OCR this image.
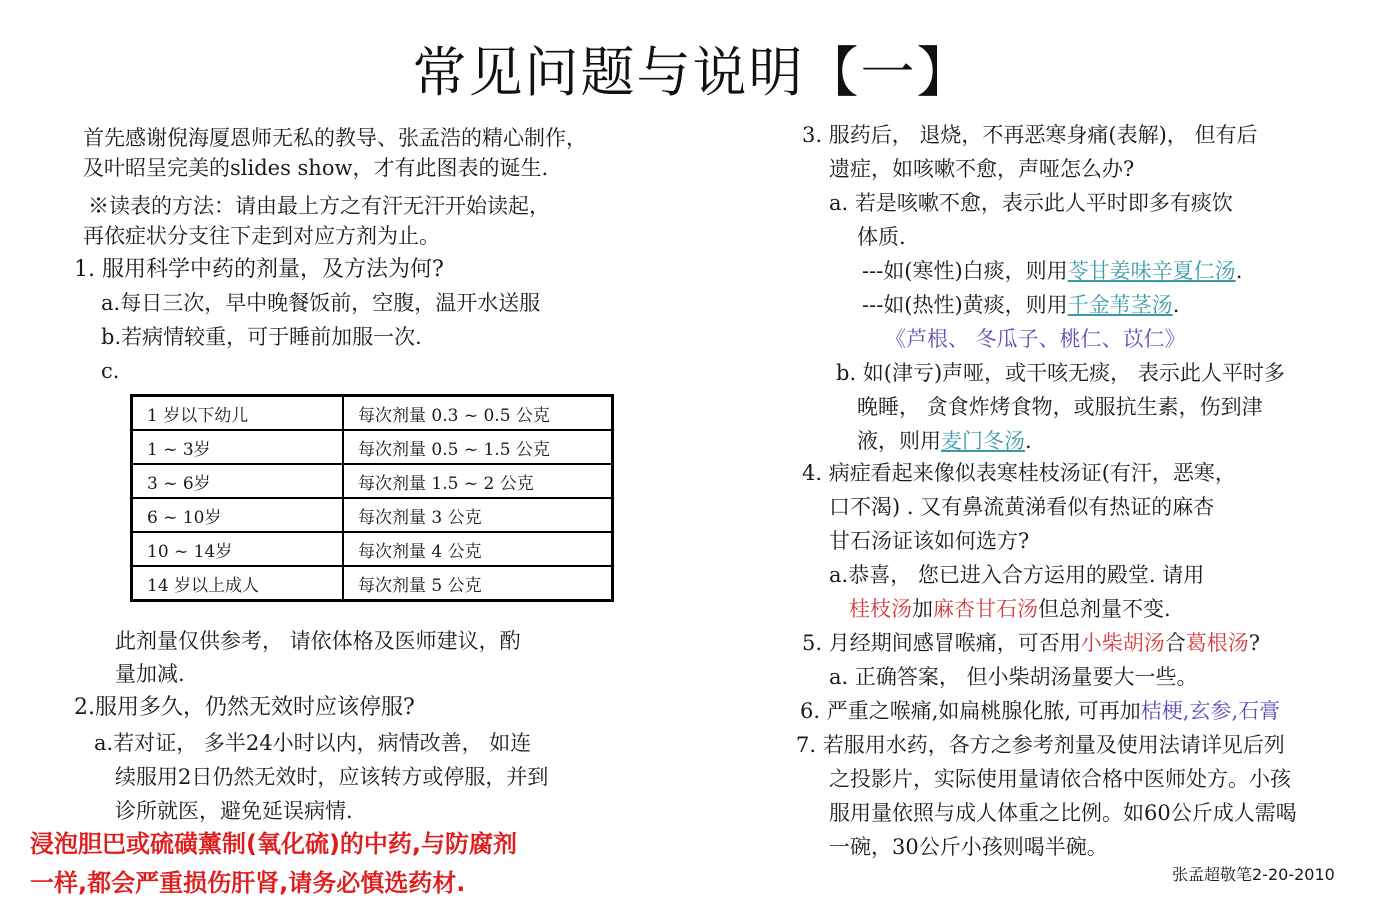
常见问题与说明【一】
首先感谢倪海厦恩师无私的教导、张孟浩的精心制作，
及叶昭呈完美的slides show，才有此图表的诞生.
※读表的方法：请由最上方之有汗无汗开始读起，
再依症状分支往下走到对应方剂为止。
1. 服用科学中药的剂量，及方法为何?
a.每日三次，早中晚餐饭前，空腹，温开水送服
b.若病情较重，可于睡前加服一次.
c.
1 岁以下幼儿	每次剂量 0.3 ~ 0.5 公克
1 ~ 3岁	每次剂量 0.5 ~ 1.5 公克
3 ~ 6岁	每次剂量 1.5 ~ 2 公克
6 ~ 10岁	每次剂量 3 公克
10 ~ 14岁	每次剂量 4 公克
14 岁以上成人	每次剂量 5 公克
此剂量仅供参考， 请依体格及医师建议，酌
量加减.
2.服用多久，仍然无效时应该停服?
a.若对证， 多半24小时以内，病情改善， 如连
续服用2日仍然无效时，应该转方或停服，并到
诊所就医，避免延误病情.
浸泡胆巴或硫磺薰制(氧化硫)的中药,与防腐剂
一样,都会严重损伤肝肾,请务必慎选药材.
3. 服药后， 退烧，不再恶寒身痛(表解)， 但有后
遗症，如咳嗽不愈，声哑怎么办?
a. 若是咳嗽不愈，表示此人平时即多有痰饮
体质.
---如(寒性)白痰，则用苓甘姜味辛夏仁汤.
---如(热性)黄痰，则用千金苇茎汤.
《芦根、 冬瓜子、桃仁、苡仁》
b. 如(津亏)声哑，或干咳无痰， 表示此人平时多
晚睡， 贪食炸烤食物，或服抗生素，伤到津
液，则用麦门冬汤.
4. 病症看起来像似表寒桂枝汤证(有汗，恶寒，
口不渴) . 又有鼻流黄涕看似有热证的麻杏
甘石汤证该如何选方?
a.恭喜， 您已进入合方运用的殿堂. 请用
桂枝汤加麻杏甘石汤但总剂量不变.
5. 月经期间感冒喉痛，可否用小柴胡汤合葛根汤?
a. 正确答案， 但小柴胡汤量要大一些。
6. 严重之喉痛,如扁桃腺化脓, 可再加桔梗,玄参,石膏
7. 若服用水药，各方之参考剂量及使用法请详见后列
之投影片，实际使用量请依合格中医师处方。小孩
服用量依照与成人体重之比例。如60公斤成人需喝
一碗，30公斤小孩则喝半碗。
张孟超敬笔2-20-2010
